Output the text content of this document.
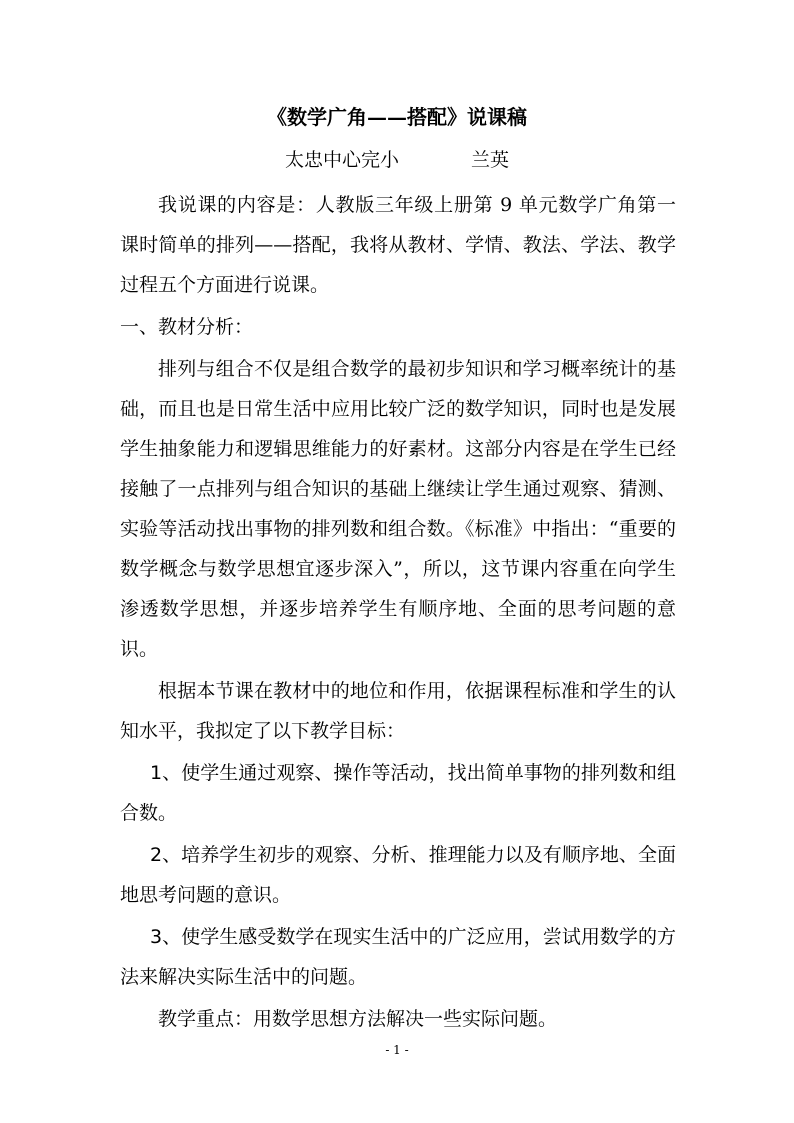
《数学广角——搭配》说课稿

太忠中心完小	兰英

我说课的内容是：人教版三年级上册第 9 单元数学广角第一课时简单的排列——搭配，我将从教材、学情、教法、学法、教学过程五个方面进行说课。

一、教材分析：

排列与组合不仅是组合数学的最初步知识和学习概率统计的基础，而且也是日常生活中应用比较广泛的数学知识，同时也是发展学生抽象能力和逻辑思维能力的好素材。这部分内容是在学生已经接触了一点排列与组合知识的基础上继续让学生通过观察、猜测、实验等活动找出事物的排列数和组合数。《标准》中指出：“重要的数学概念与数学思想宜逐步深入”，所以，这节课内容重在向学生渗透数学思想，并逐步培养学生有顺序地、全面的思考问题的意识。

根据本节课在教材中的地位和作用，依据课程标准和学生的认知水平，我拟定了以下教学目标：

1、使学生通过观察、操作等活动，找出简单事物的排列数和组合数。

2、培养学生初步的观察、分析、推理能力以及有顺序地、全面地思考问题的意识。

3、使学生感受数学在现实生活中的广泛应用，尝试用数学的方法来解决实际生活中的问题。

教学重点：用数学思想方法解决一些实际问题。

- 1 -
